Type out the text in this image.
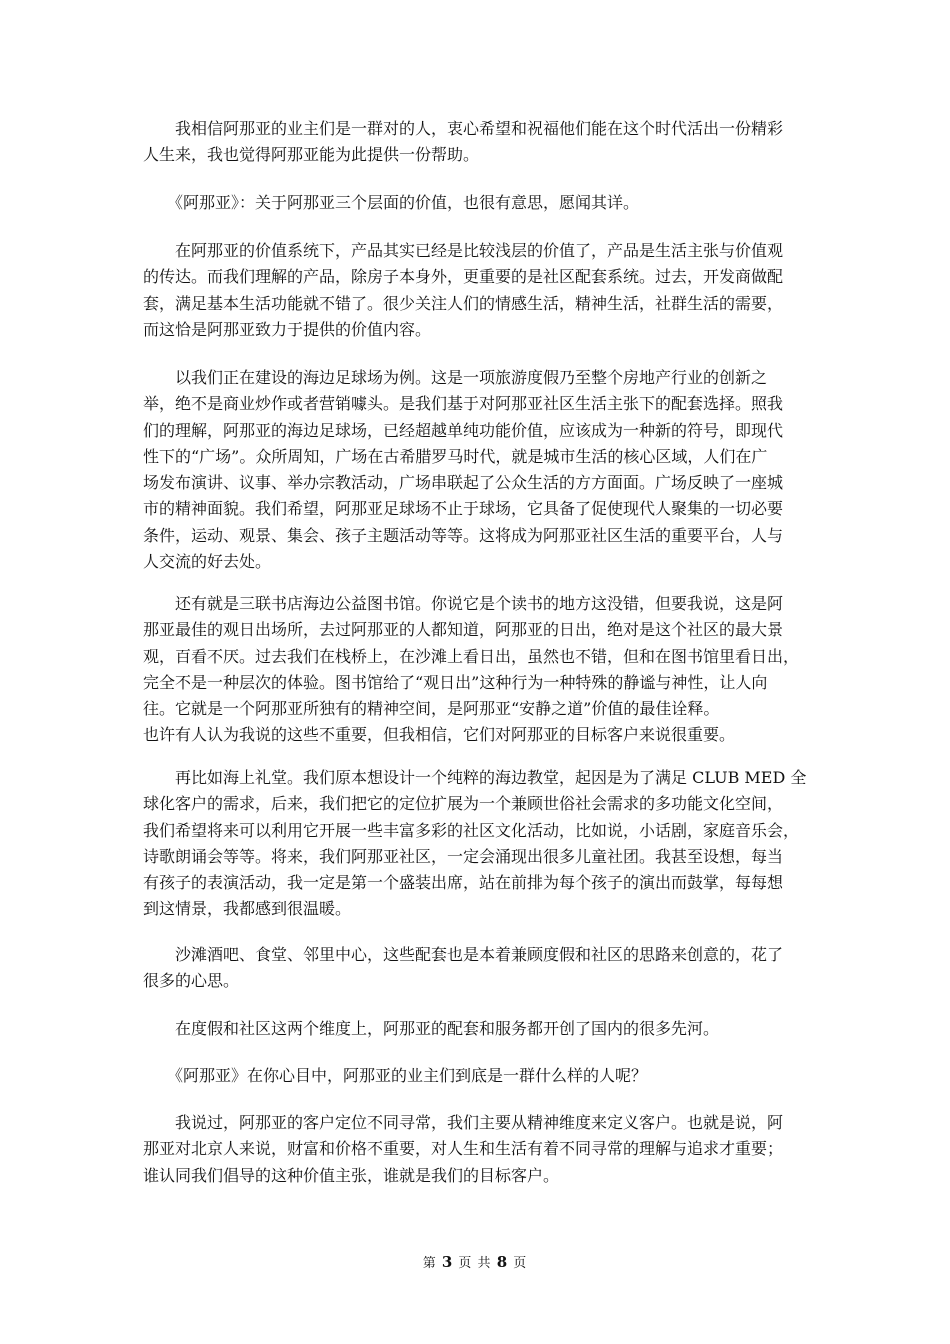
　　我相信阿那亚的业主们是一群对的人，衷心希望和祝福他们能在这个时代活出一份精彩
人生来，我也觉得阿那亚能为此提供一份帮助。
　　《阿那亚》：关于阿那亚三个层面的价值，也很有意思，愿闻其详。
　　在阿那亚的价值系统下，产品其实已经是比较浅层的价值了，产品是生活主张与价值观
的传达。而我们理解的产品，除房子本身外，更重要的是社区配套系统。过去，开发商做配
套，满足基本生活功能就不错了。很少关注人们的情感生活，精神生活，社群生活的需要，
而这恰是阿那亚致力于提供的价值内容。
　　以我们正在建设的海边足球场为例。这是一项旅游度假乃至整个房地产行业的创新之
举，绝不是商业炒作或者营销噱头。是我们基于对阿那亚社区生活主张下的配套选择。照我
们的理解，阿那亚的海边足球场，已经超越单纯功能价值，应该成为一种新的符号，即现代
性下的“广场”。众所周知，广场在古希腊罗马时代，就是城市生活的核心区域，人们在广
场发布演讲、议事、举办宗教活动，广场串联起了公众生活的方方面面。广场反映了一座城
市的精神面貌。我们希望，阿那亚足球场不止于球场，它具备了促使现代人聚集的一切必要
条件，运动、观景、集会、孩子主题活动等等。这将成为阿那亚社区生活的重要平台，人与
人交流的好去处。
　　还有就是三联书店海边公益图书馆。你说它是个读书的地方这没错，但要我说，这是阿
那亚最佳的观日出场所，去过阿那亚的人都知道，阿那亚的日出，绝对是这个社区的最大景
观，百看不厌。过去我们在栈桥上，在沙滩上看日出，虽然也不错，但和在图书馆里看日出，
完全不是一种层次的体验。图书馆给了“观日出”这种行为一种特殊的静谧与神性，让人向
往。它就是一个阿那亚所独有的精神空间，是阿那亚“安静之道”价值的最佳诠释。
也许有人认为我说的这些不重要，但我相信，它们对阿那亚的目标客户来说很重要。
　　再比如海上礼堂。我们原本想设计一个纯粹的海边教堂，起因是为了满足 CLUB MED 全
球化客户的需求，后来，我们把它的定位扩展为一个兼顾世俗社会需求的多功能文化空间，
我们希望将来可以利用它开展一些丰富多彩的社区文化活动，比如说，小话剧，家庭音乐会，
诗歌朗诵会等等。将来，我们阿那亚社区，一定会涌现出很多儿童社团。我甚至设想，每当
有孩子的表演活动，我一定是第一个盛装出席，站在前排为每个孩子的演出而鼓掌，每每想
到这情景，我都感到很温暖。
　　沙滩酒吧、食堂、邻里中心，这些配套也是本着兼顾度假和社区的思路来创意的，花了
很多的心思。
　　在度假和社区这两个维度上，阿那亚的配套和服务都开创了国内的很多先河。
　　《阿那亚》在你心目中，阿那亚的业主们到底是一群什么样的人呢？
　　我说过，阿那亚的客户定位不同寻常，我们主要从精神维度来定义客户。也就是说，阿
那亚对北京人来说，财富和价格不重要，对人生和生活有着不同寻常的理解与追求才重要；
谁认同我们倡导的这种价值主张，谁就是我们的目标客户。
第 3 页 共 8 页
